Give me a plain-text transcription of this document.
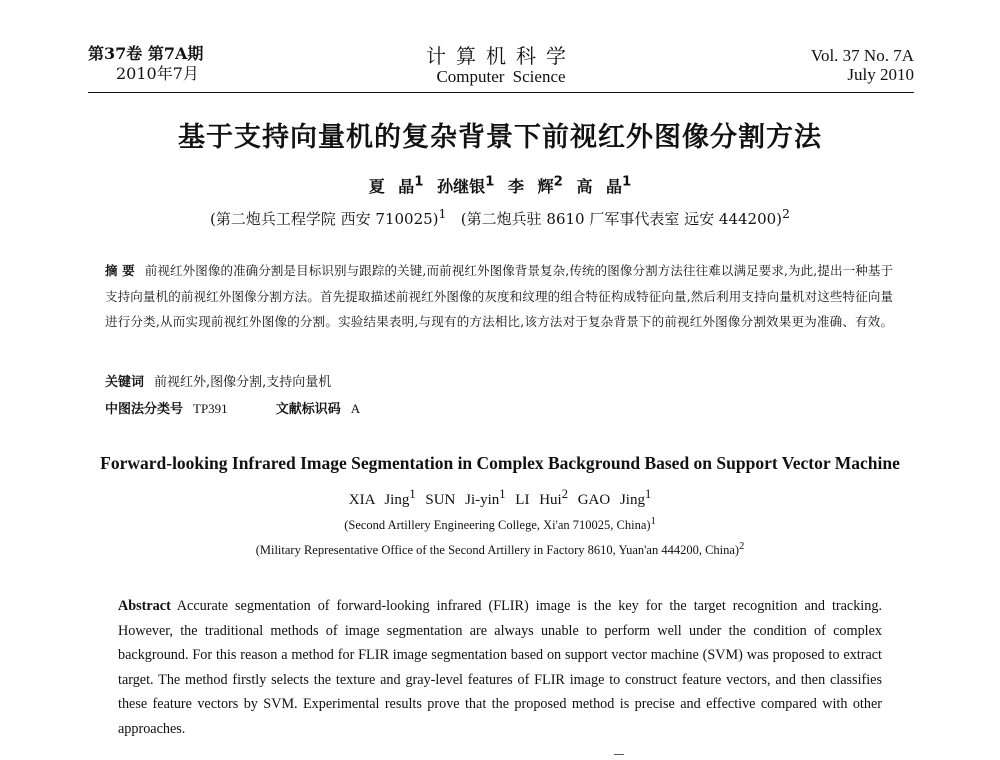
第37卷 第7A期
2010年7月
计算机科学
Computer Science
Vol. 37 No. 7A
July 2010
基于支持向量机的复杂背景下前视红外图像分割方法
夏 晶$^1$ 孙继银$^1$ 李 辉$^2$ 高 晶$^1$
(第二炮兵工程学院 西安 710025)$^1$ (第二炮兵驻 8610 厂军事代表室 远安 444200)$^2$
摘 要 前视红外图像的准确分割是目标识别与跟踪的关键,而前视红外图像背景复杂,传统的图像分割方法往往难以满足要求,为此,提出一种基于支持向量机的前视红外图像分割方法。首先提取描述前视红外图像的灰度和纹理的组合特征构成特征向量,然后利用支持向量机对这些特征向量进行分类,从而实现前视红外图像的分割。实验结果表明,与现有的方法相比,该方法对于复杂背景下的前视红外图像分割效果更为准确、有效。
关键词 前视红外,图像分割,支持向量机
中图法分类号 TP391	文献标识码 A
Forward-looking Infrared Image Segmentation in Complex Background Based on Support Vector Machine
XIA Jing$^1$ SUN Ji-yin$^1$ LI Hui$^2$ GAO Jing$^1$
(Second Artillery Engineering College, Xi'an 710025, China)$^1$
(Military Representative Office of the Second Artillery in Factory 8610, Yuan'an 444200, China)$^2$
Abstract Accurate segmentation of forward-looking infrared (FLIR) image is the key for the target recognition and tracking. However, the traditional methods of image segmentation are always unable to perform well under the condition of complex background. For this reason a method for FLIR image segmentation based on support vector machine (SVM) was proposed to extract target. The method firstly selects the texture and gray-level features of FLIR image to construct feature vectors, and then classifies these feature vectors by SVM. Experimental results prove that the proposed method is precise and effective compared with other approaches.
